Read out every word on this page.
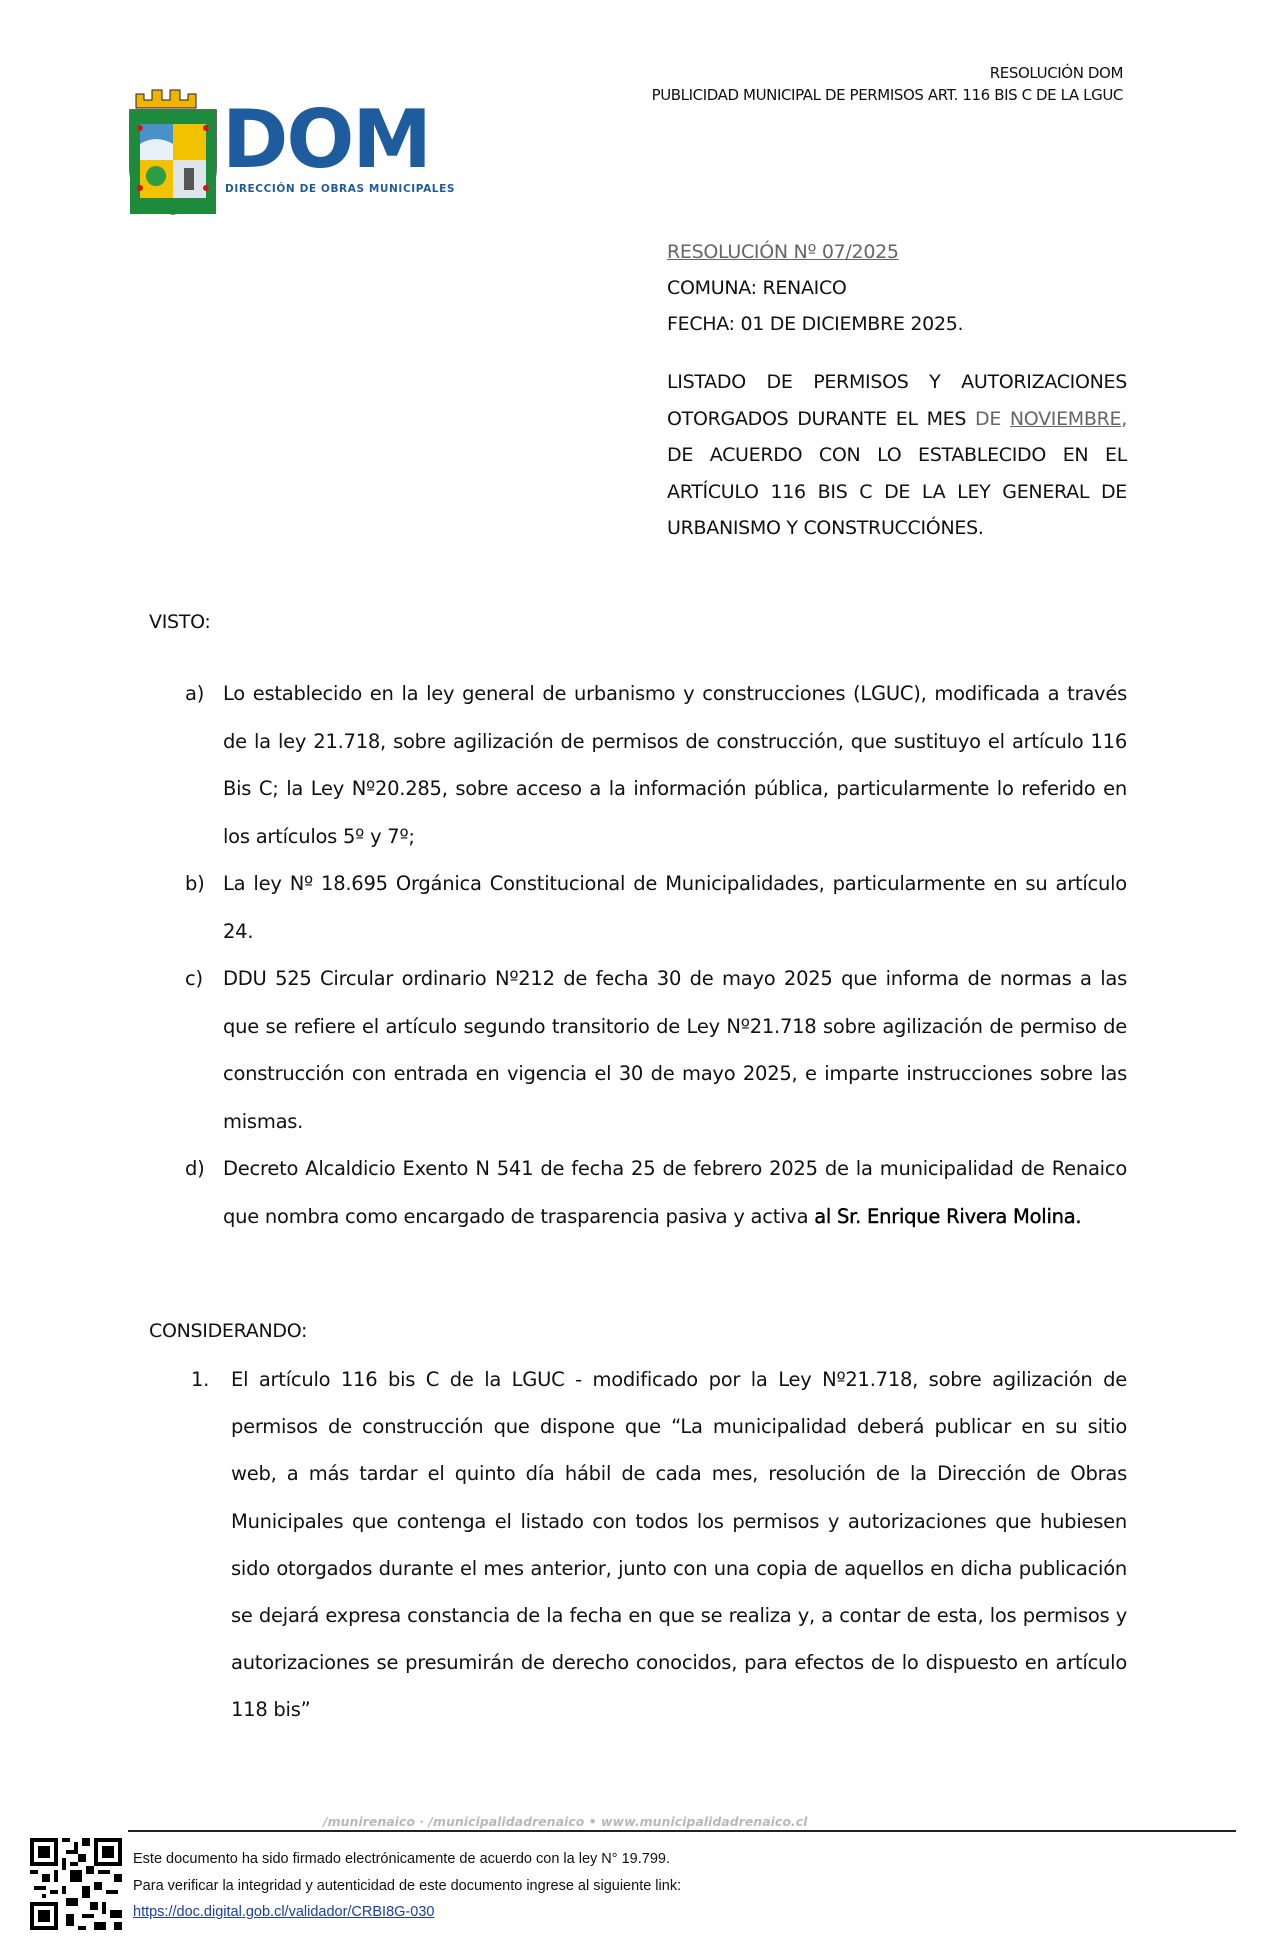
RESOLUCIÓN DOM
PUBLICIDAD MUNICIPAL DE PERMISOS ART. 116 BIS C DE LA LGUC
DOM
DIRECCIÓN DE OBRAS MUNICIPALES
RESOLUCIÓN Nº 07/2025
COMUNA: RENAICO
FECHA: 01 DE DICIEMBRE 2025.
LISTADO DE PERMISOS Y AUTORIZACIONES
OTORGADOS DURANTE EL MES DE NOVIEMBRE,
DE ACUERDO CON LO ESTABLECIDO EN EL
ARTÍCULO 116 BIS C DE LA LEY GENERAL DE
URBANISMO Y CONSTRUCCIÓNES.
VISTO:
a) Lo establecido en la ley general de urbanismo y construcciones (LGUC), modificada a través de la ley 21.718, sobre agilización de permisos de construcción, que sustituyo el artículo 116 Bis C; la Ley Nº20.285, sobre acceso a la información pública, particularmente lo referido en los artículos 5º y 7º;
b) La ley Nº 18.695 Orgánica Constitucional de Municipalidades, particularmente en su artículo 24.
c)	DDU 525 Circular ordinario Nº212 de fecha 30 de mayo 2025 que informa de normas a las que se refiere el artículo segundo transitorio de Ley Nº21.718 sobre agilización de permiso de construcción con entrada en vigencia el 30 de mayo 2025, e imparte instrucciones sobre las mismas.
d) Decreto Alcaldicio Exento N 541 de fecha 25 de febrero 2025 de la municipalidad de Renaico que nombra como encargado de trasparencia pasiva y activa al Sr. Enrique Rivera Molina.
CONSIDERANDO:
1.	El artículo 116 bis C de la LGUC - modificado por la Ley Nº21.718, sobre agilización de permisos de construcción que dispone que “La municipalidad deberá publicar en su sitio web, a más tardar el quinto día hábil de cada mes, resolución de la Dirección de Obras Municipales que contenga el listado con todos los permisos y autorizaciones que hubiesen sido otorgados durante el mes anterior, junto con una copia de aquellos en dicha publicación se dejará expresa constancia de la fecha en que se realiza y, a contar de esta, los permisos y autorizaciones se presumirán de derecho conocidos, para efectos de lo dispuesto en artículo 118 bis”
/munirenaico · /municipalidadrenaico • www.municipalidadrenaico.cl
Este documento ha sido firmado electrónicamente de acuerdo con la ley N° 19.799.
Para verificar la integridad y autenticidad de este documento ingrese al siguiente link:
https://doc.digital.gob.cl/validador/CRBI8G-030
